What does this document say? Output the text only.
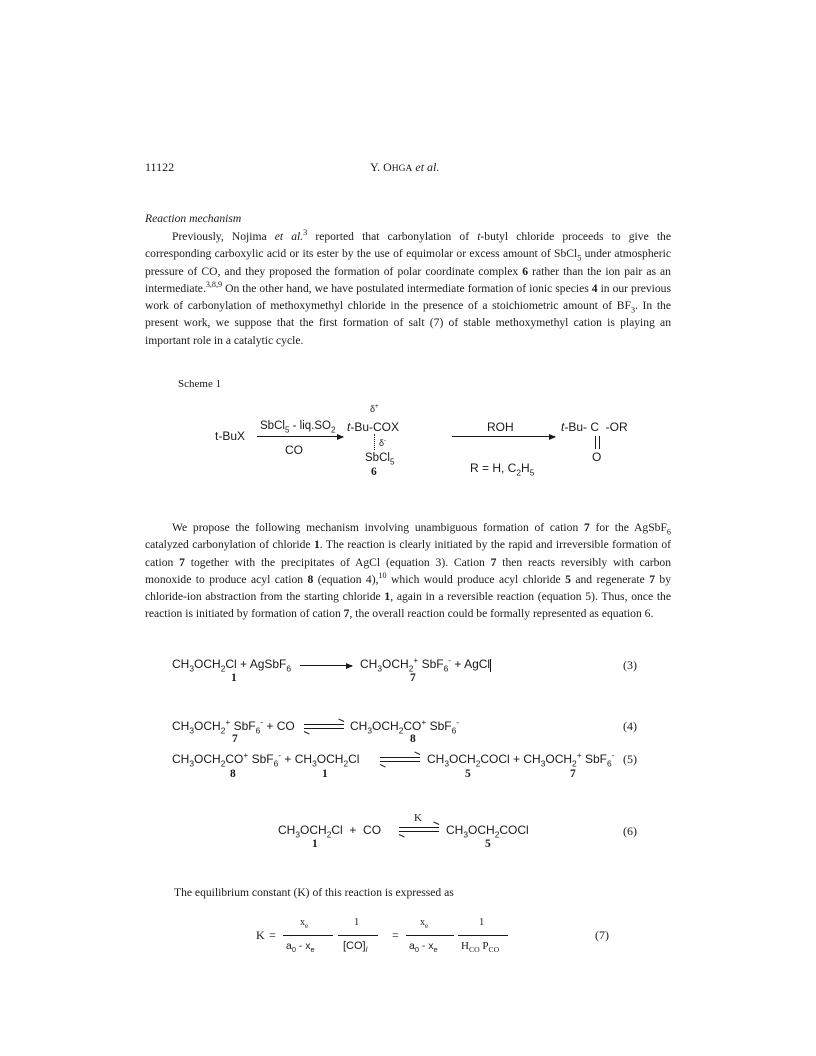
11122	Y. OHGA et al.
Reaction mechanism
Previously, Nojima et al.$^3$ reported that carbonylation of t-butyl chloride proceeds to give the corresponding carboxylic acid or its ester by the use of equimolar or excess amount of SbCl$_5$ under atmospheric pressure of CO, and they proposed the formation of polar coordinate complex 6 rather than the ion pair as an intermediate.$^{3,8,9}$ On the other hand, we have postulated intermediate formation of ionic species 4 in our previous work of carbonylation of methoxymethyl chloride in the presence of a stoichiometric amount of $BF_3$. In the present work, we suppose that the first formation of salt (7) of stable methoxymethyl cation is playing an important role in a catalytic cycle.
Scheme 1
t-BuX
SbCl$_5$ - $liq.SO_2$
CO
δ+
t-Bu-COX
δ-
SbCl$_5$
6
ROH
R = H, $C_2H_5$
t-Bu- C  -OR
O
We propose the following mechanism involving unambiguous formation of cation 7 for the AgSbF$_6$ catalyzed carbonylation of chloride 1. The reaction is clearly initiated by the rapid and irreversible formation of cation 7 together with the precipitates of AgCl (equation 3). Cation 7 then reacts reversibly with carbon monoxide to produce acyl cation 8 (equation 4),$^{10}$ which would produce acyl chloride 5 and regenerate 7 by chloride-ion abstraction from the starting chloride 1, again in a reversible reaction (equation 5). Thus, once the reaction is initiated by formation of cation 7, the overall reaction could be formally represented as equation 6.
$CH_3OCH_2Cl$ + AgSbF$_6$	$CH_3OCH_2^+$ SbF$_6$- + AgCl
1	7
(3)
$CH_3OCH_2^+$ SbF$_6$- + CO	$CH_3OCH_2CO^+$ SbF$_6$-
7	8
(4)
$CH_3OCH_2CO^+$ $SbF_6^- + CH_3OCH_2Cl$	$CH_3OCH_2COCl + CH_3OCH_2^+$ SbF$_6$-
8	1	5	7
(5)
$CH_3OCH_2Cl$  +  CO
K
$CH_3OCH_2COCl$
1	5
(6)
The equilibrium constant (K) of this reaction is expressed as
K =
$x_e$
$a_0 - x_e$
1
$[CO]_l$
=
$x_e$
$a_0 - x_e$
1
$H_{CO}$ $P_{CO}$
(7)
